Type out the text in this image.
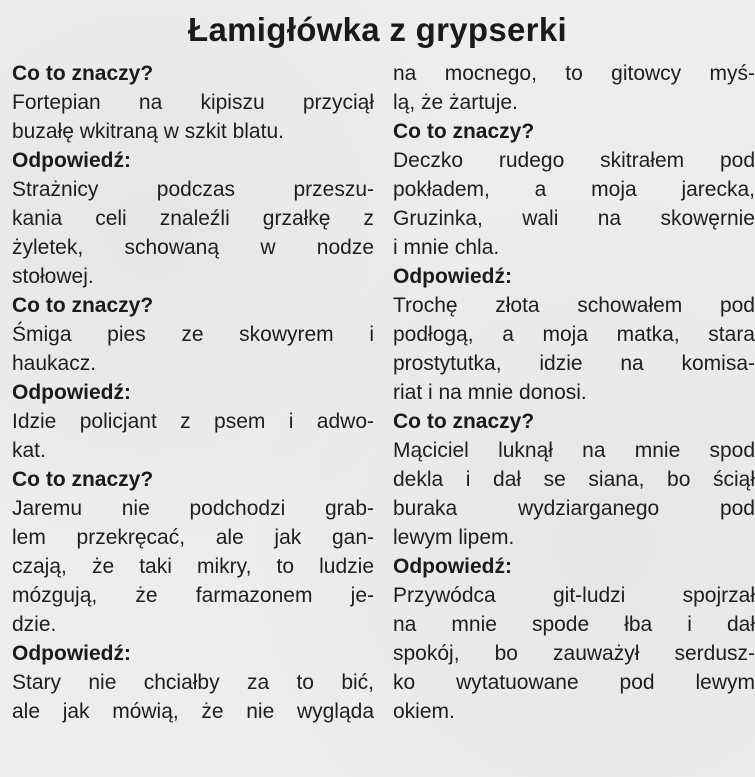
Łamigłówka z grypserki
Co to znaczy?
Fortepian na kipiszu przyciął
buzałę wkitraną w szkit blatu.
Odpowiedź:
Strażnicy podczas przeszu-
kania celi znaleźli grzałkę z
żyletek, schowaną w nodze
stołowej.
Co to znaczy?
Śmiga pies ze skowyrem i
haukacz.
Odpowiedź:
Idzie policjant z psem i adwo-
kat.
Co to znaczy?
Jaremu nie podchodzi grab-
lem przekręcać, ale jak gan-
czają, że taki mikry, to ludzie
mózgują, że farmazonem je-
dzie.
Odpowiedź:
Stary nie chciałby za to bić,
ale jak mówią, że nie wygląda
na mocnego, to gitowcy myś-
lą, że żartuje.
Co to znaczy?
Deczko rudego skitrałem pod
pokładem, a moja jarecka,
Gruzinka, wali na skowęrnie
i mnie chla.
Odpowiedź:
Trochę złota schowałem pod
podłogą, a moja matka, stara
prostytutka, idzie na komisa-
riat i na mnie donosi.
Co to znaczy?
Mąciciel luknął na mnie spod
dekla i dał se siana, bo ściął
buraka wydziarganego pod
lewym lipem.
Odpowiedź:
Przywódca git-ludzi spojrzał
na mnie spode łba i dał
spokój, bo zauważył serdusz-
ko wytatuowane pod lewym
okiem.
